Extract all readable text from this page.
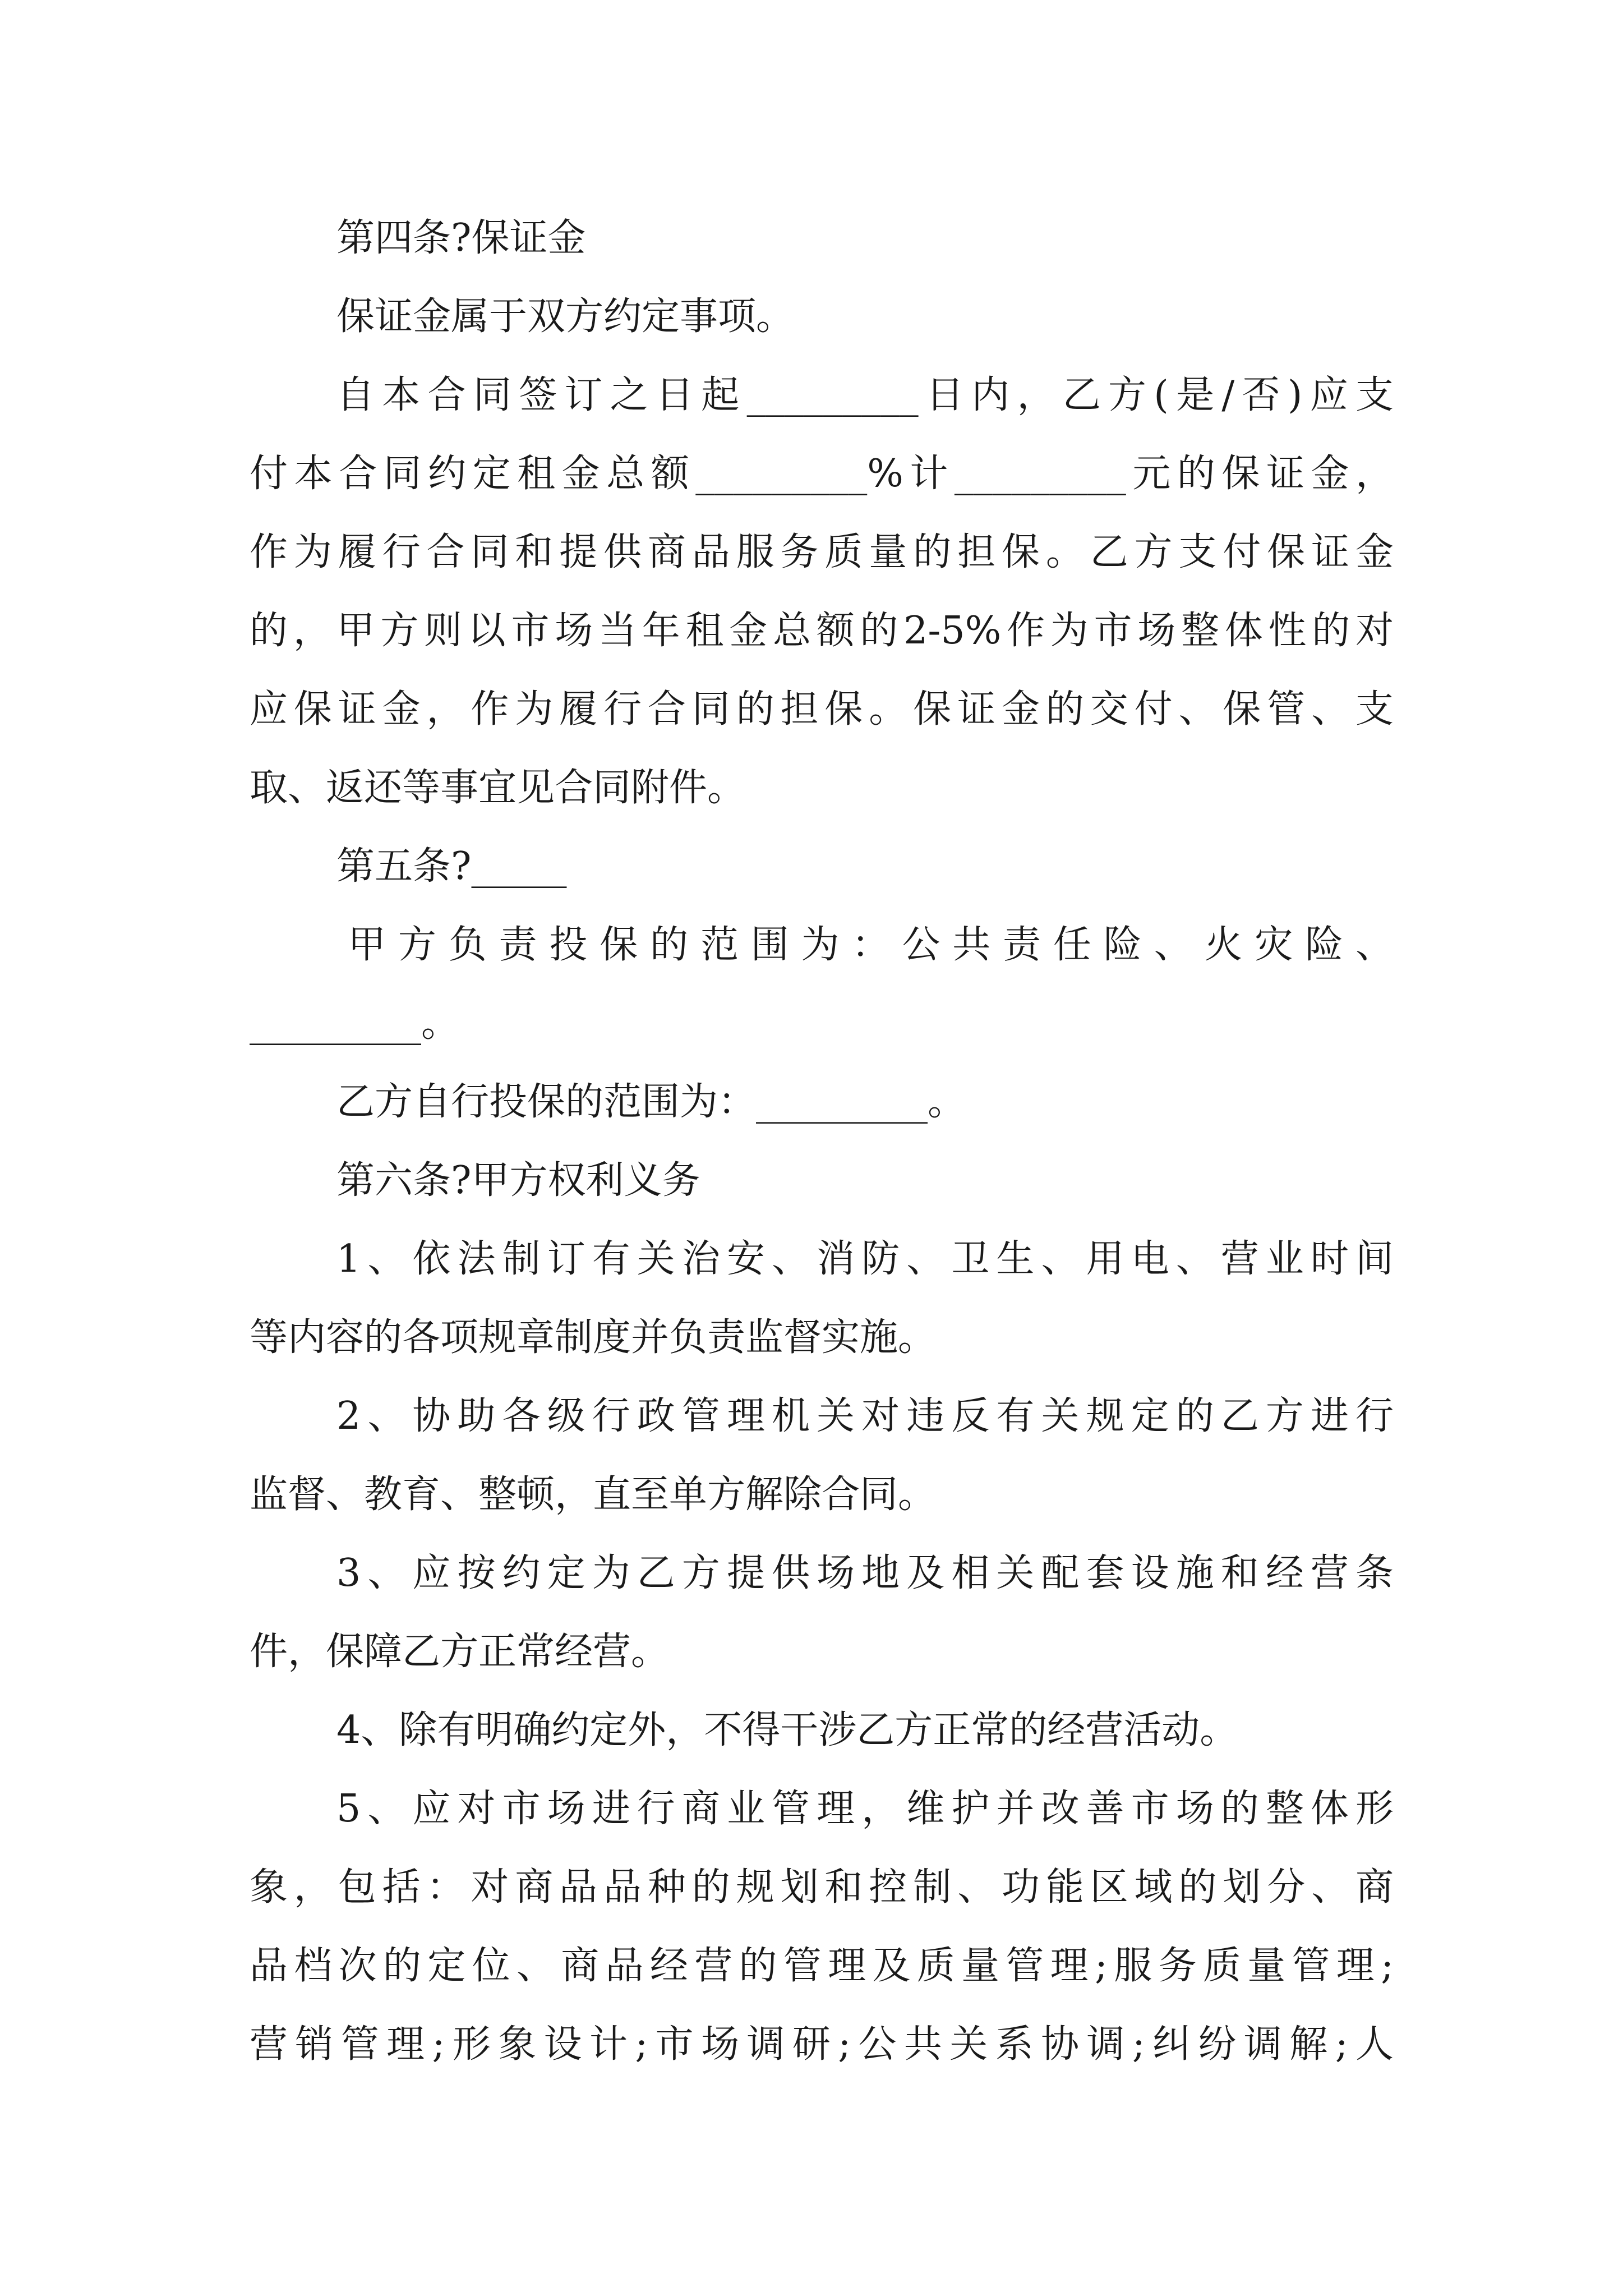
第四条?保证金
保证金属于双方约定事项。
自本合同签订之日起_________日内，乙方(是/否)应支
付本合同约定租金总额_________%计_________元的保证金，
作为履行合同和提供商品服务质量的担保。乙方支付保证金
的，甲方则以市场当年租金总额的2-5%作为市场整体性的对
应保证金，作为履行合同的担保。保证金的交付、保管、支
取、返还等事宜见合同附件。
第五条?_____
甲方负责投保的范围为：公共责任险、火灾险、
_________。
乙方自行投保的范围为：_________。
第六条?甲方权利义务
1、依法制订有关治安、消防、卫生、用电、营业时间
等内容的各项规章制度并负责监督实施。
2、协助各级行政管理机关对违反有关规定的乙方进行
监督、教育、整顿，直至单方解除合同。
3、应按约定为乙方提供场地及相关配套设施和经营条
件，保障乙方正常经营。
4、除有明确约定外，不得干涉乙方正常的经营活动。
5、应对市场进行商业管理，维护并改善市场的整体形
象，包括：对商品品种的规划和控制、功能区域的划分、商
品档次的定位、商品经营的管理及质量管理;服务质量管理;
营销管理;形象设计;市场调研;公共关系协调;纠纷调解;人
